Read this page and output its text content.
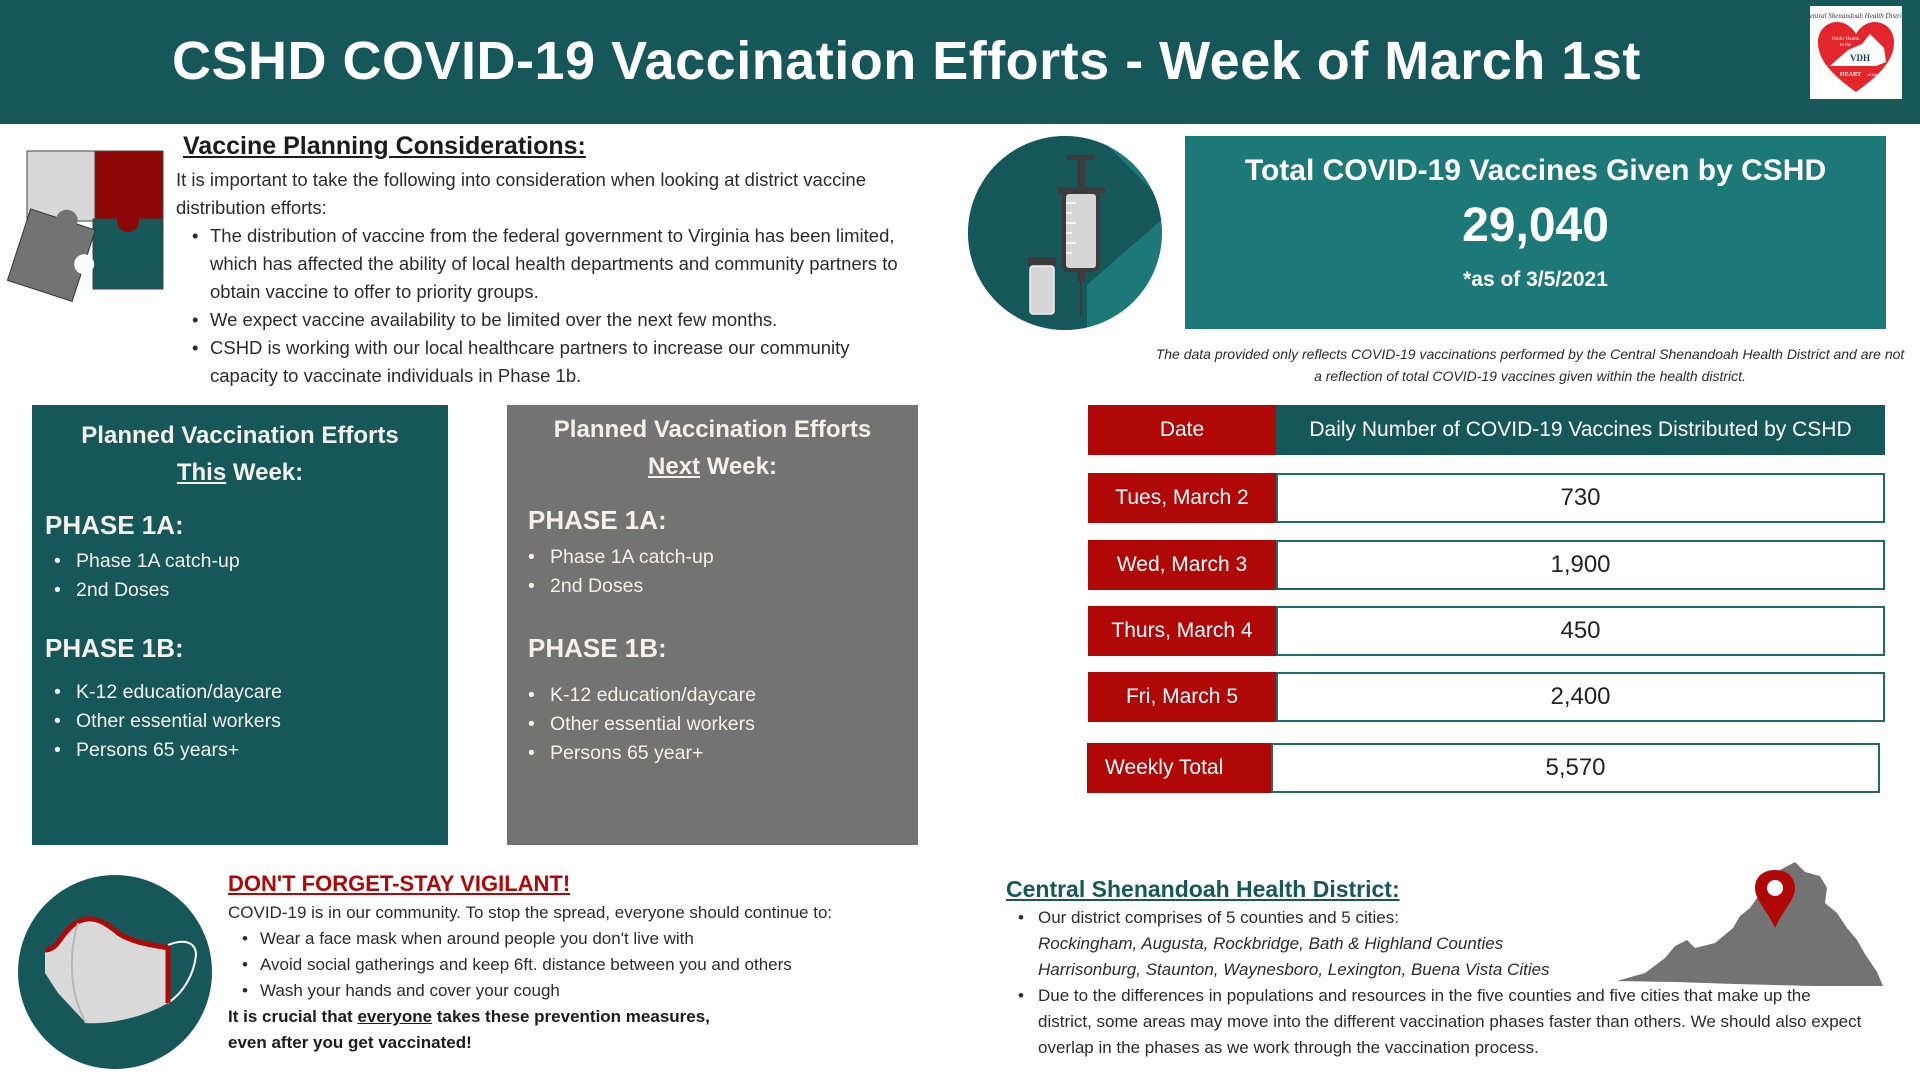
CSHD COVID-19 Vaccination Efforts - Week of March 1st
Central Shenandoah Health District
Public Health
in the
VDH
HEART of the Valley
Vaccine Planning Considerations:

It is important to take the following into consideration when looking at district vaccine distribution efforts:

• The distribution of vaccine from the federal government to Virginia has been limited, which has affected the ability of local health departments and community partners to obtain vaccine to offer to priority groups.
• We expect vaccine availability to be limited over the next few months.
• CSHD is working with our local healthcare partners to increase our community capacity to vaccinate individuals in Phase 1b.
Total COVID-19 Vaccines Given by CSHD
29,040
*as of 3/5/2021
The data provided only reflects COVID-19 vaccinations performed by the Central Shenandoah Health District and are not a reflection of total COVID-19 vaccines given within the health district.
Planned Vaccination Efforts
This Week:
PHASE 1A:
• Phase 1A catch-up
• 2nd Doses
PHASE 1B:
• K-12 education/daycare
• Other essential workers
• Persons 65 years+
Planned Vaccination Efforts
Next Week:
PHASE 1A:
• Phase 1A catch-up
• 2nd Doses
PHASE 1B:
• K-12 education/daycare
• Other essential workers
• Persons 65 year+
Date	Daily Number of COVID-19 Vaccines Distributed by CSHD
Tues, March 2	730
Wed, March 3	1,900
Thurs, March 4	450
Fri, March 5	2,400
Weekly Total	5,570
DON'T FORGET-STAY VIGILANT!

COVID-19 is in our community. To stop the spread, everyone should continue to:

• Wear a face mask when around people you don't live with
• Avoid social gatherings and keep 6ft. distance between you and others
• Wash your hands and cover your cough

It is crucial that everyone takes these prevention measures,
even after you get vaccinated!

Central Shenandoah Health District:
• Our district comprises of 5 counties and 5 cities:
Rockingham, Augusta, Rockbridge, Bath & Highland Counties
Harrisonburg, Staunton, Waynesboro, Lexington, Buena Vista Cities
• Due to the differences in populations and resources in the five counties and five cities that make up the district, some areas may move into the different vaccination phases faster than others. We should also expect overlap in the phases as we work through the vaccination process.
